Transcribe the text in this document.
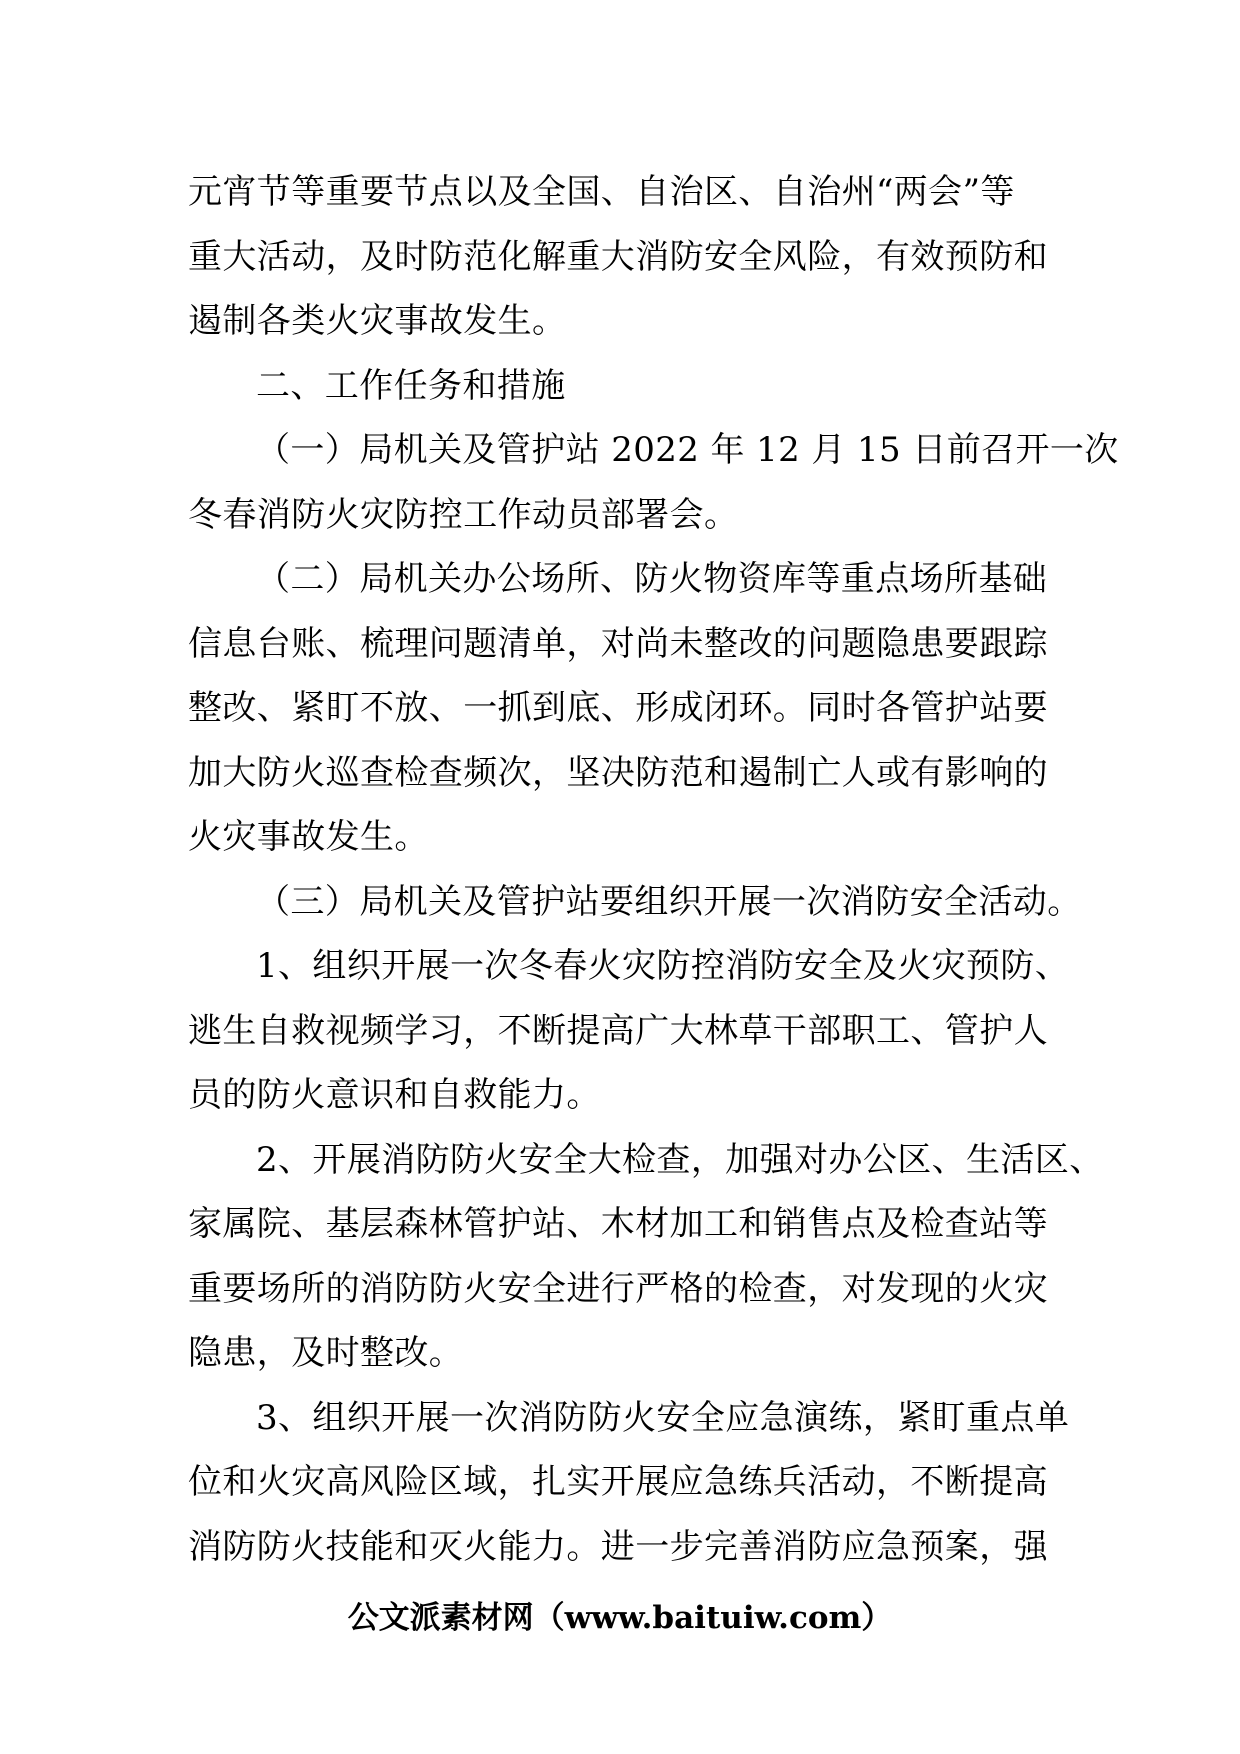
元宵节等重要节点以及全国、自治区、自治州“两会”等
重大活动，及时防范化解重大消防安全风险，有效预防和
遏制各类火灾事故发生。
二、工作任务和措施
（一）局机关及管护站 2022 年 12 月 15 日前召开一次
冬春消防火灾防控工作动员部署会。
（二）局机关办公场所、防火物资库等重点场所基础
信息台账、梳理问题清单，对尚未整改的问题隐患要跟踪
整改、紧盯不放、一抓到底、形成闭环。同时各管护站要
加大防火巡查检查频次，坚决防范和遏制亡人或有影响的
火灾事故发生。
（三）局机关及管护站要组织开展一次消防安全活动。
1、组织开展一次冬春火灾防控消防安全及火灾预防、
逃生自救视频学习，不断提高广大林草干部职工、管护人
员的防火意识和自救能力。
2、开展消防防火安全大检查，加强对办公区、生活区、
家属院、基层森林管护站、木材加工和销售点及检查站等
重要场所的消防防火安全进行严格的检查，对发现的火灾
隐患，及时整改。
3、组织开展一次消防防火安全应急演练，紧盯重点单
位和火灾高风险区域，扎实开展应急练兵活动，不断提高
消防防火技能和灭火能力。进一步完善消防应急预案，强
公文派素材网（www.baituiw.com）
